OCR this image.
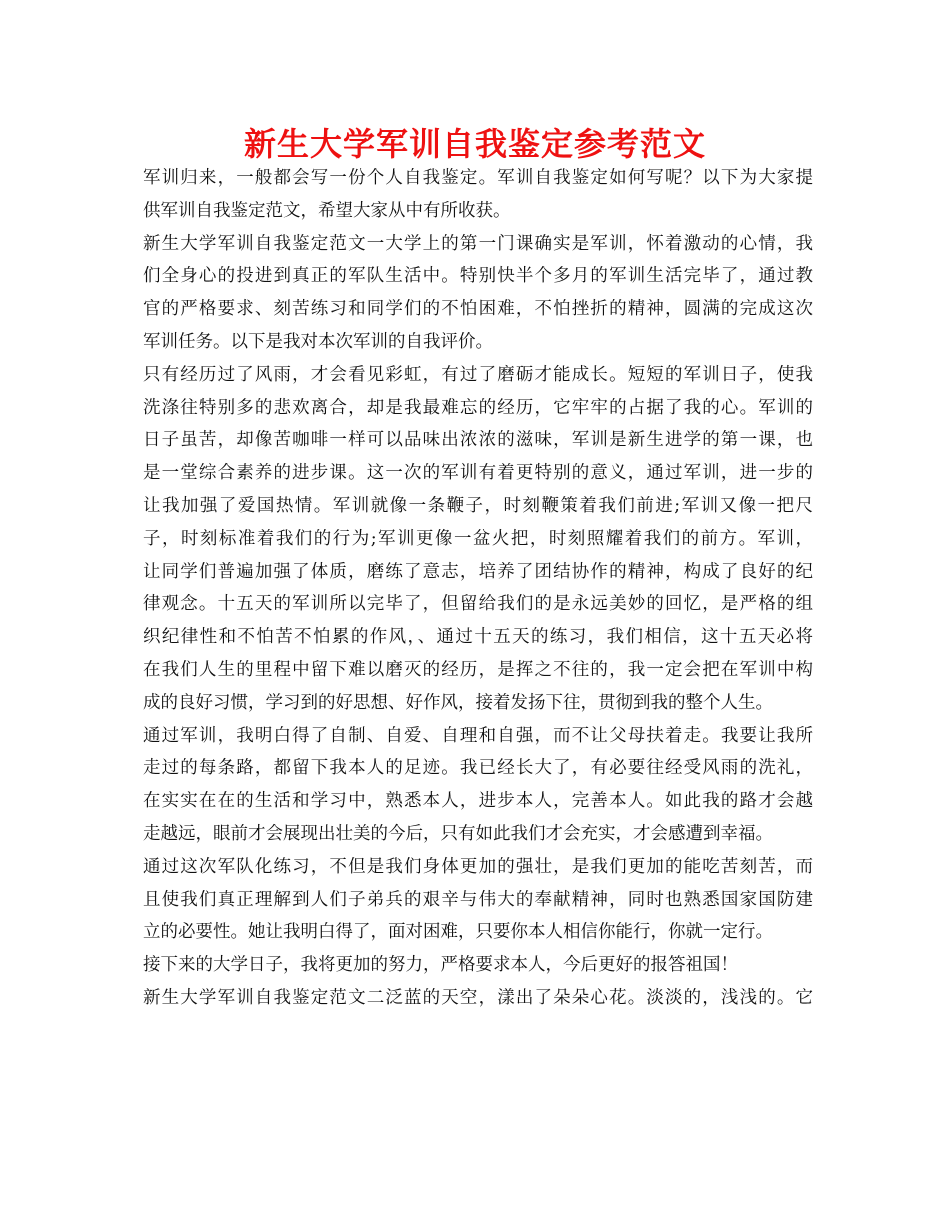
新生大学军训自我鉴定参考范文
军训归来，一般都会写一份个人自我鉴定。军训自我鉴定如何写呢？以下为大家提
供军训自我鉴定范文，希望大家从中有所收获。
新生大学军训自我鉴定范文一大学上的第一门课确实是军训，怀着激动的心情，我
们全身心的投进到真正的军队生活中。特别快半个多月的军训生活完毕了，通过教
官的严格要求、刻苦练习和同学们的不怕困难，不怕挫折的精神，圆满的完成这次
军训任务。以下是我对本次军训的自我评价。
只有经历过了风雨，才会看见彩虹，有过了磨砺才能成长。短短的军训日子，使我
洗涤往特别多的悲欢离合，却是我最难忘的经历，它牢牢的占据了我的心。军训的
日子虽苦，却像苦咖啡一样可以品味出浓浓的滋味，军训是新生进学的第一课，也
是一堂综合素养的进步课。这一次的军训有着更特别的意义，通过军训，进一步的
让我加强了爱国热情。军训就像一条鞭子，时刻鞭策着我们前进;军训又像一把尺
子，时刻标准着我们的行为;军训更像一盆火把，时刻照耀着我们的前方。军训，
让同学们普遍加强了体质，磨练了意志，培养了团结协作的精神，构成了良好的纪
律观念。十五天的军训所以完毕了，但留给我们的是永远美妙的回忆，是严格的组
织纪律性和不怕苦不怕累的作风，、通过十五天的练习，我们相信，这十五天必将
在我们人生的里程中留下难以磨灭的经历，是挥之不往的，我一定会把在军训中构
成的良好习惯，学习到的好思想、好作风，接着发扬下往，贯彻到我的整个人生。
通过军训，我明白得了自制、自爱、自理和自强，而不让父母扶着走。我要让我所
走过的每条路，都留下我本人的足迹。我已经长大了，有必要往经受风雨的洗礼，
在实实在在的生活和学习中，熟悉本人，进步本人，完善本人。如此我的路才会越
走越远，眼前才会展现出壮美的今后，只有如此我们才会充实，才会感遭到幸福。
通过这次军队化练习，不但是我们身体更加的强壮，是我们更加的能吃苦刻苦，而
且使我们真正理解到人们子弟兵的艰辛与伟大的奉献精神，同时也熟悉国家国防建
立的必要性。她让我明白得了，面对困难，只要你本人相信你能行，你就一定行。
接下来的大学日子，我将更加的努力，严格要求本人，今后更好的报答祖国！
新生大学军训自我鉴定范文二泛蓝的天空，漾出了朵朵心花。淡淡的，浅浅的。它
